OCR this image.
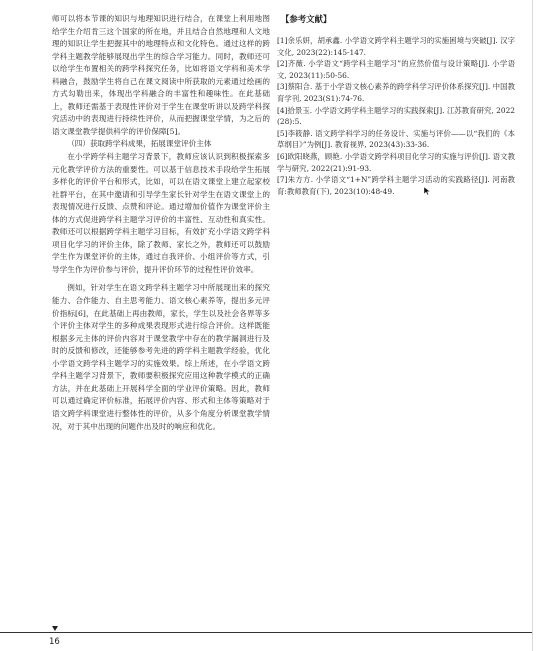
师可以将本节课的知识与地理知识进行结合，在课堂上利用地图给学生介绍肯三这个国家的所在地，并且结合自然地理和人文地理的知识让学生把握其中的地理特点和文化特色。通过这样的跨学科主题教学能够展现出学生的综合学习能力。同时，教师还可以给学生布置相关的跨学科探究任务，比如将语文学科和美术学科融合，鼓励学生将自己在课文阅读中所获取的元素通过绘画的方式勾勒出来，体现出学科融合的丰富性和趣味性。在此基础上，教师还需基于表现性评价对于学生在课堂听讲以及跨学科探究活动中的表现进行持续性评价，从而把握课堂学情，为之后的语文课堂教学提供科学的评价保障[5]。

（四）获取跨学科成果，拓展课堂评价主体

在小学跨学科主题学习背景下，教师应该认识到积极探索多元化教学评价方法的重要性。可以基于信息技术手段给学生拓展多样化的评价平台和形式，比如，可以在语文课堂上建立起家校社群平台，在其中邀请和引导学生家长针对学生在语文课堂上的表现情况进行反馈、点赞和评论。通过增加价值作为课堂评价主体的方式促进跨学科主题学习评价的丰富性、互动性和真实性。教师还可以根据跨学科主题学习目标，有效扩充小学语文跨学科项目化学习的评价主体，除了教师、家长之外，教师还可以鼓励学生作为课堂评价的主体，通过自我评价、小组评价等方式，引导学生作为评价参与评价，提升评价环节的过程性评价效率。

例如，针对学生在语文跨学科主题学习中所展现出来的探究能力、合作能力、自主思考能力、语文核心素养等，提出多元评价指标[6]，在此基础上再由教师，家长，学生以及社会各界等多个评价主体对学生的多种成果表现形式进行综合评价。这样既能根据多元主体的评价内容对于课堂教学中存在的教学漏洞进行及时的反馈和修改，还能够参考先进的跨学科主题教学经验，优化小学语文跨学科主题学习的实施效果。综上所述，在小学语文跨学科主题学习背景下，教师要积极探究应用这种教学模式的正确方法，并在此基础上开展科学全面的学业评价策略。因此，教师可以通过确定评价标准，拓展评价内容、形式和主体等策略对于语文跨学科课堂进行整体性的评价，从多个角度分析课堂教学情况，对于其中出现的问题作出及时的响应和优化。

【参考文献】
[1]余乐妍，胡承鑫. 小学语文跨学科主题学习的实施困境与突破[J]. 汉字文化, 2023(22):145-147.
[2]齐薇. 小学语文“跨学科主题学习”的应然价值与设计策略[J]. 小学语文, 2023(11):50-56.
[3]蔡阳合. 基于小学语文核心素养的跨学科学习评价体系探究[J]. 中国教育学刊, 2023(S1):74-76.
[4]拾景玉. 小学语文跨学科主题学习的实践探索[J]. 江苏教育研究, 2022(28):5.
[5]李筱静. 语文跨学科学习的任务设计、实施与评价——以“我们的《本草纲目》”为例[J]. 教育视界, 2023(43):33-36.
[6]欧阳晓燕，顾艳. 小学语文跨学科项目化学习的实施与评价[J]. 语文教学与研究, 2022(21):91-93.
[7]朱方方. 小学语文“1+N”跨学科主题学习活动的实践路径[J]. 河南教育:教师教育(下), 2023(10):48-49.
16
